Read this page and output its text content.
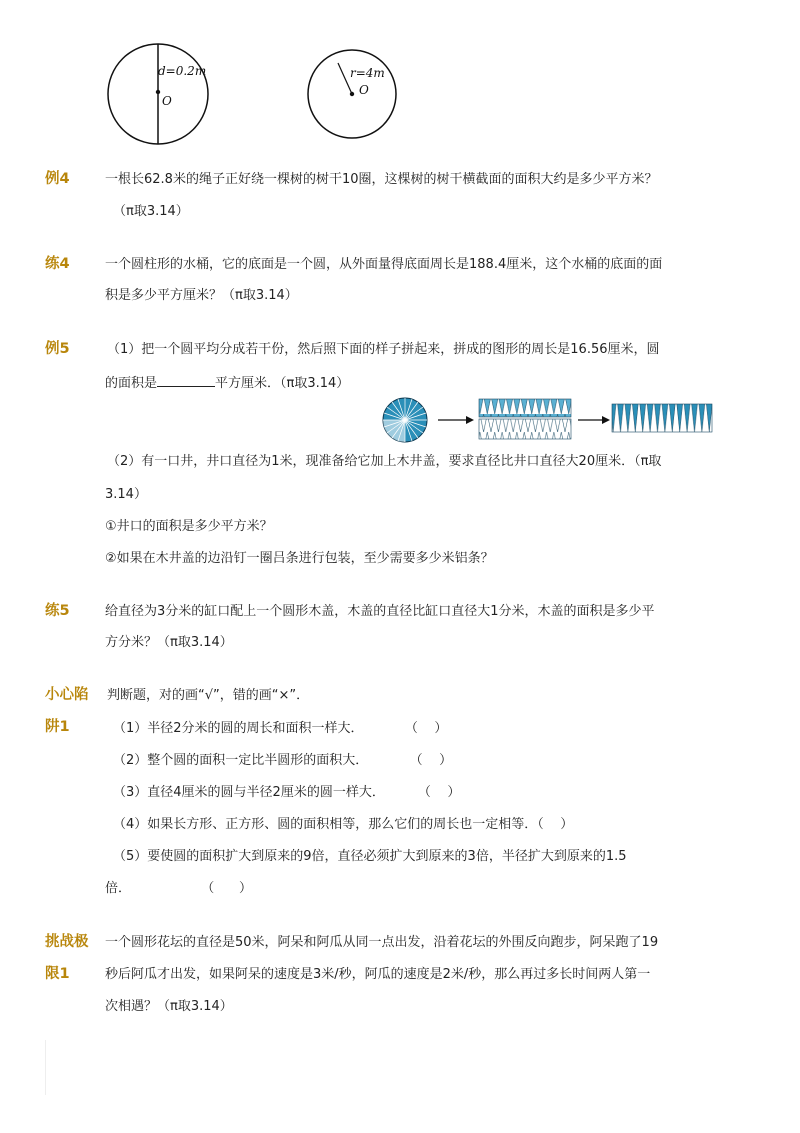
d=0.2m
O
r=4m
O
例4	一根长62.8米的绳子正好绕一棵树的树干10圈，这棵树的树干横截面的面积大约是多少平方米？
（π取3.14）
练4	一个圆柱形的水桶，它的底面是一个圆，从外面量得底面周长是188.4厘米，这个水桶的底面的面
积是多少平方厘米？（π取3.14）
例5	（1）把一个圆平均分成若干份，然后照下面的样子拼起来，拼成的图形的周长是16.56厘米，圆
的面积是	平方厘米．（π取3.14）
（2）有一口井，井口直径为1米，现准备给它加上木井盖，要求直径比井口直径大20厘米．（π取
3.14）
①井口的面积是多少平方米？
②如果在木井盖的边沿钉一圈吕条进行包装，至少需要多少米铝条？
练5	给直径为3分米的缸口配上一个圆形木盖，木盖的直径比缸口直径大1分米，木盖的面积是多少平
方分米？（π取3.14）
小心陷
阱1
判断题，对的画“√”，错的画“×”．
（1）半径2分米的圆的周长和面积一样大．          （    ）
（2）整个圆的面积一定比半圆形的面积大．          （    ）
（3）直径4厘米的圆与半径2厘米的圆一样大．        （    ）
（4）如果长方形、正方形、圆的面积相等，那么它们的周长也一定相等．（    ）
（5）要使圆的面积扩大到原来的9倍，直径必须扩大到原来的3倍，半径扩大到原来的1.5
倍．                 （      ）
挑战极
限1
一个圆形花坛的直径是50米，阿呆和阿瓜从同一点出发，沿着花坛的外围反向跑步，阿呆跑了19
秒后阿瓜才出发，如果阿呆的速度是3米/秒，阿瓜的速度是2米/秒，那么再过多长时间两人第一
次相遇？（π取3.14）
